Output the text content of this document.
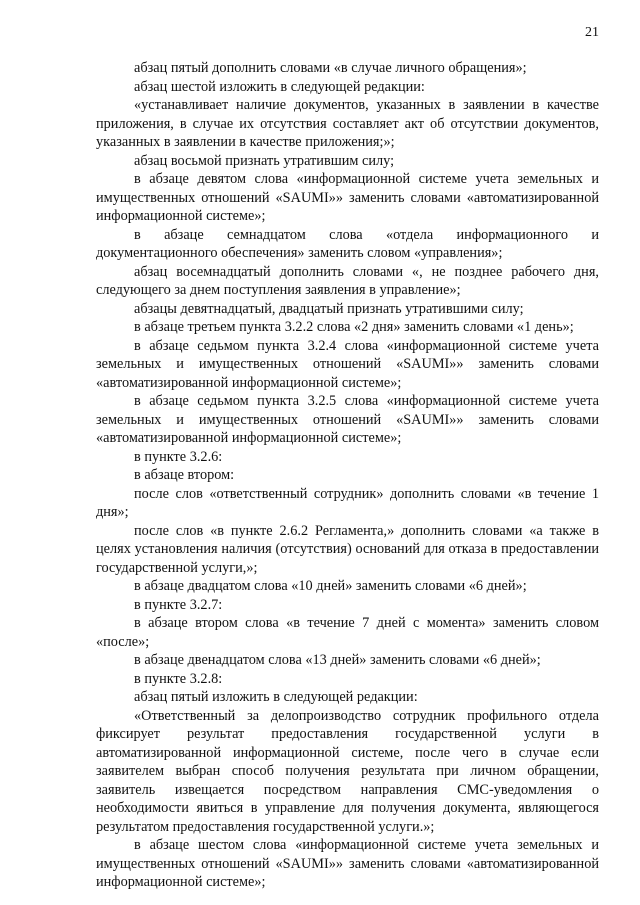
21

абзац пятый дополнить словами «в случае личного обращения»;

абзац шестой изложить в следующей редакции:

«устанавливает наличие документов, указанных в заявлении в качестве приложения, в случае их отсутствия составляет акт об отсутствии документов, указанных в заявлении в качестве приложения;»;

абзац восьмой признать утратившим силу;

в абзаце девятом слова «информационной системе учета земельных и имущественных отношений «SAUMI»» заменить словами «автоматизированной информационной системе»;

в абзаце семнадцатом слова «отдела информационного и документационного обеспечения» заменить словом «управления»;

абзац восемнадцатый дополнить словами «, не позднее рабочего дня, следующего за днем поступления заявления в управление»;

абзацы девятнадцатый, двадцатый признать утратившими силу;

в абзаце третьем пункта 3.2.2 слова «2 дня» заменить словами «1 день»;

в абзаце седьмом пункта 3.2.4 слова «информационной системе учета земельных и имущественных отношений «SAUMI»» заменить словами «автоматизированной информационной системе»;

в абзаце седьмом пункта 3.2.5 слова «информационной системе учета земельных и имущественных отношений «SAUMI»» заменить словами «автоматизированной информационной системе»;

в пункте 3.2.6:

в абзаце втором:

после слов «ответственный сотрудник» дополнить словами «в течение 1 дня»;

после слов «в пункте 2.6.2 Регламента,» дополнить словами «а также в целях установления наличия (отсутствия) оснований для отказа в предоставлении государственной услуги,»;

в абзаце двадцатом слова «10 дней» заменить словами «6 дней»;

в пункте 3.2.7:

в абзаце втором слова «в течение 7 дней с момента» заменить словом «после»;

в абзаце двенадцатом слова «13 дней» заменить словами «6 дней»;

в пункте 3.2.8:

абзац пятый изложить в следующей редакции:

«Ответственный за делопроизводство сотрудник профильного отдела фиксирует результат предоставления государственной услуги в автоматизированной информационной системе, после чего в случае если заявителем выбран способ получения результата при личном обращении, заявитель извещается посредством направления СМС-уведомления о необходимости явиться в управление для получения документа, являющегося результатом предоставления государственной услуги.»;

в абзаце шестом слова «информационной системе учета земельных и имущественных отношений «SAUMI»» заменить словами «автоматизированной информационной системе»;
